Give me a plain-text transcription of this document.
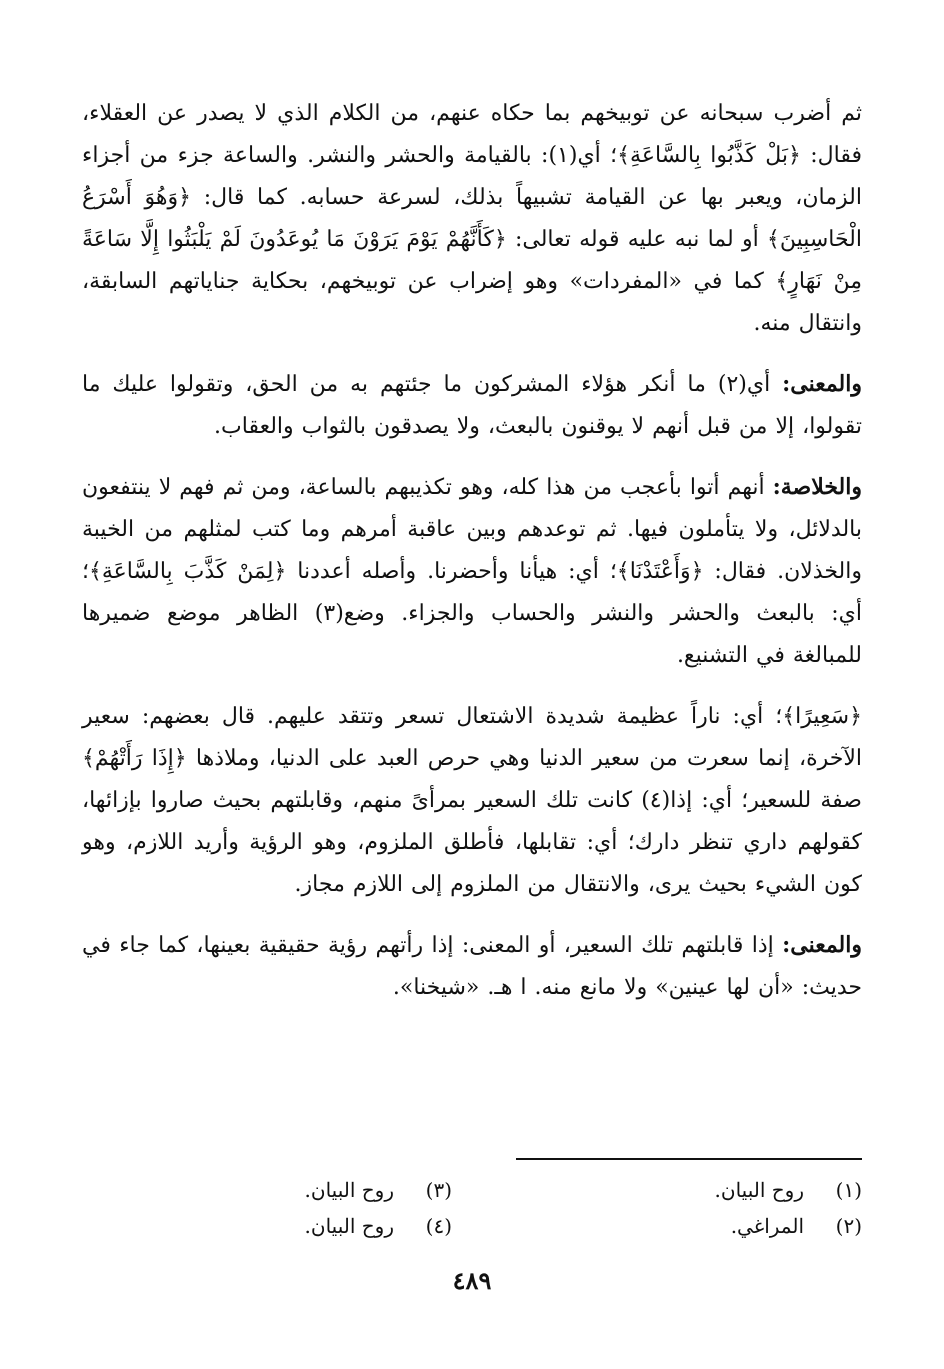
ثم أضرب سبحانه عن توبيخهم بما حكاه عنهم، من الكلام الذي لا يصدر عن العقلاء، فقال: ﴿بَلْ كَذَّبُوا بِالسَّاعَةِ﴾؛ أي(١): بالقيامة والحشر والنشر. والساعة جزء من أجزاء الزمان، ويعبر بها عن القيامة تشبيهاً بذلك، لسرعة حسابه. كما قال: ﴿وَهُوَ أَسْرَعُ الْحَاسِبِينَ﴾ أو لما نبه عليه قوله تعالى: ﴿كَأَنَّهُمْ يَوْمَ يَرَوْنَ مَا يُوعَدُونَ لَمْ يَلْبَثُوا إِلَّا سَاعَةً مِنْ نَهَارٍ﴾ كما في «المفردات» وهو إضراب عن توبيخهم، بحكاية جناياتهم السابقة، وانتقال منه.

والمعنى: أي(٢) ما أنكر هؤلاء المشركون ما جئتهم به من الحق، وتقولوا عليك ما تقولوا، إلا من قبل أنهم لا يوقنون بالبعث، ولا يصدقون بالثواب والعقاب.

والخلاصة: أنهم أتوا بأعجب من هذا كله، وهو تكذيبهم بالساعة، ومن ثم فهم لا ينتفعون بالدلائل، ولا يتأملون فيها. ثم توعدهم وبين عاقبة أمرهم وما كتب لمثلهم من الخيبة والخذلان. فقال: ﴿وَأَعْتَدْنَا﴾؛ أي: هيأنا وأحضرنا. وأصله أعددنا ﴿لِمَنْ كَذَّبَ بِالسَّاعَةِ﴾؛ أي: بالبعث والحشر والنشر والحساب والجزاء. وضع(٣) الظاهر موضع ضميرها للمبالغة في التشنيع.

﴿سَعِيرًا﴾؛ أي: ناراً عظيمة شديدة الاشتعال تسعر وتتقد عليهم. قال بعضهم: سعير الآخرة، إنما سعرت من سعير الدنيا وهي حرص العبد على الدنيا، وملاذها ﴿إِذَا رَأَتْهُمْ﴾ صفة للسعير؛ أي: إذا(٤) كانت تلك السعير بمرأىً منهم، وقابلتهم بحيث صاروا بإزائها، كقولهم داري تنظر دارك؛ أي: تقابلها، فأطلق الملزوم، وهو الرؤية وأريد اللازم، وهو كون الشيء بحيث يرى، والانتقال من الملزوم إلى اللازم مجاز.

والمعنى: إذا قابلتهم تلك السعير، أو المعنى: إذا رأتهم رؤية حقيقية بعينها، كما جاء في حديث: «أن لها عينين» ولا مانع منه. ا هـ. «شيخنا».

(١)روح البيان.
(٣)روح البيان.
(٢)المراغي.
(٤)روح البيان.
٤٨٩
